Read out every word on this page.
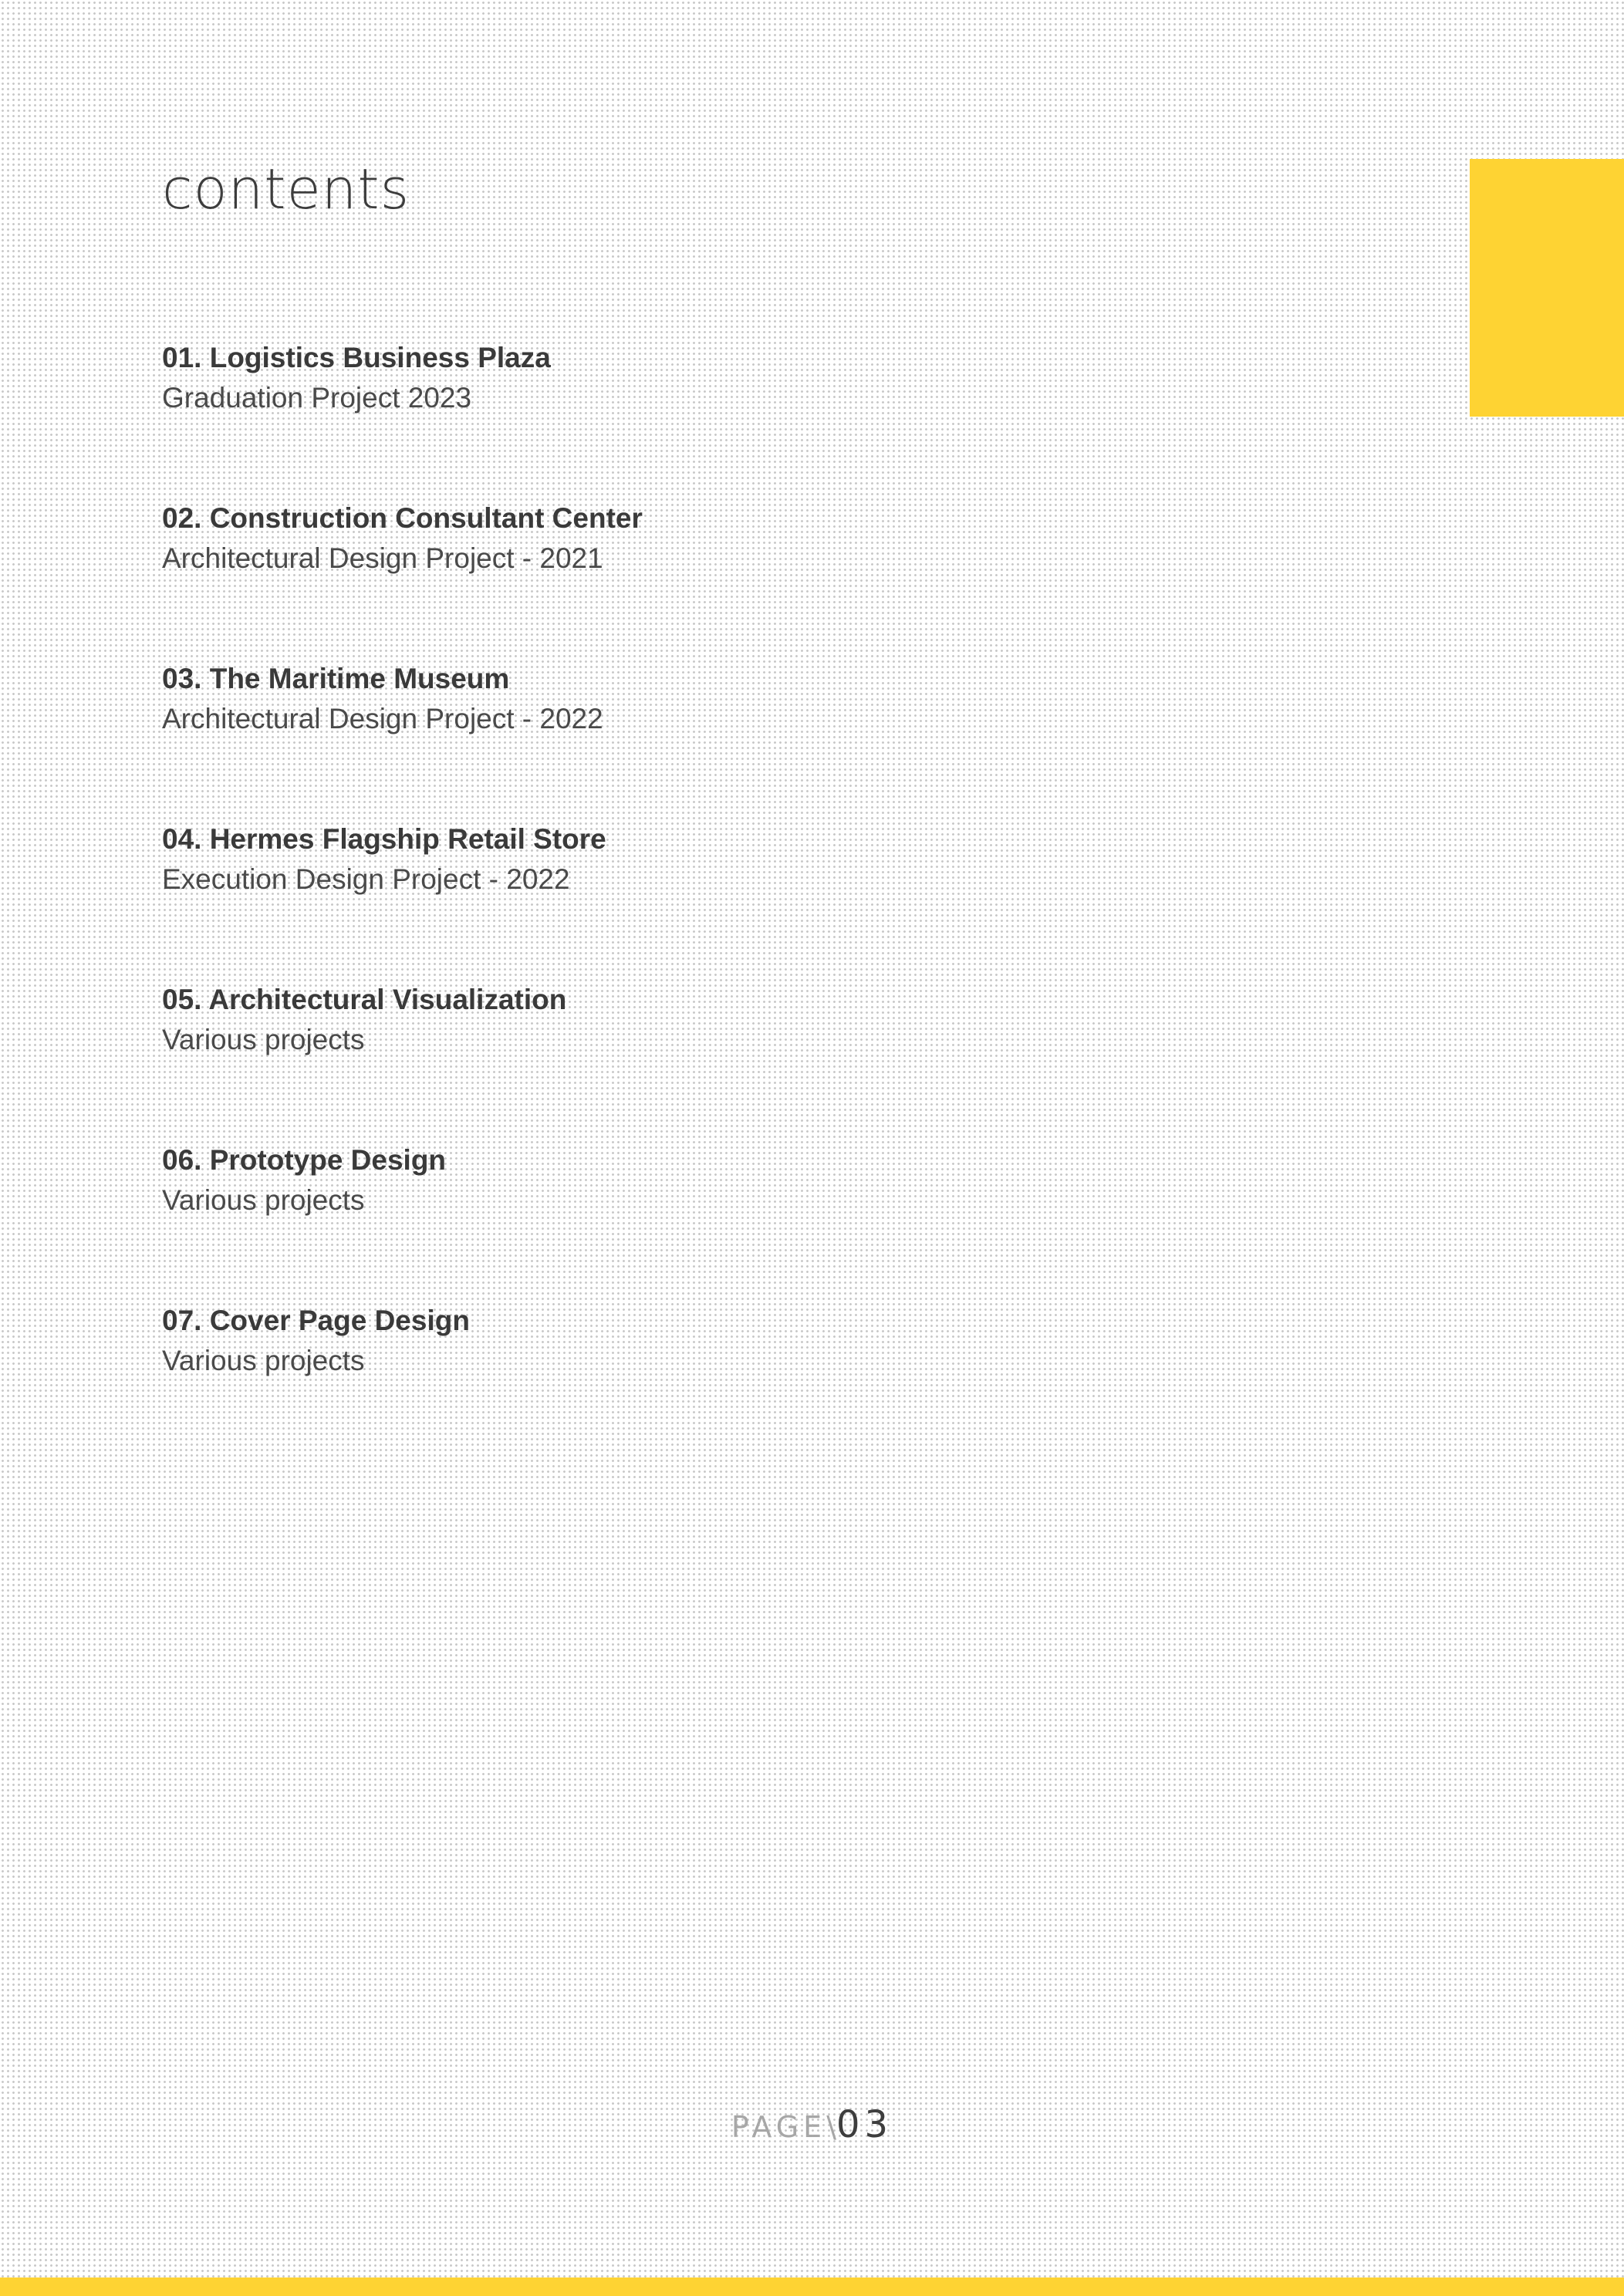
contents
01. Logistics Business Plaza
Graduation Project 2023
02. Construction Consultant Center
Architectural Design Project - 2021
03. The Maritime Museum
Architectural Design Project - 2022
04. Hermes Flagship Retail Store
Execution Design Project - 2022
05. Architectural Visualization
Various projects
06. Prototype Design
Various projects
07. Cover Page Design
Various projects
PAGE\03
